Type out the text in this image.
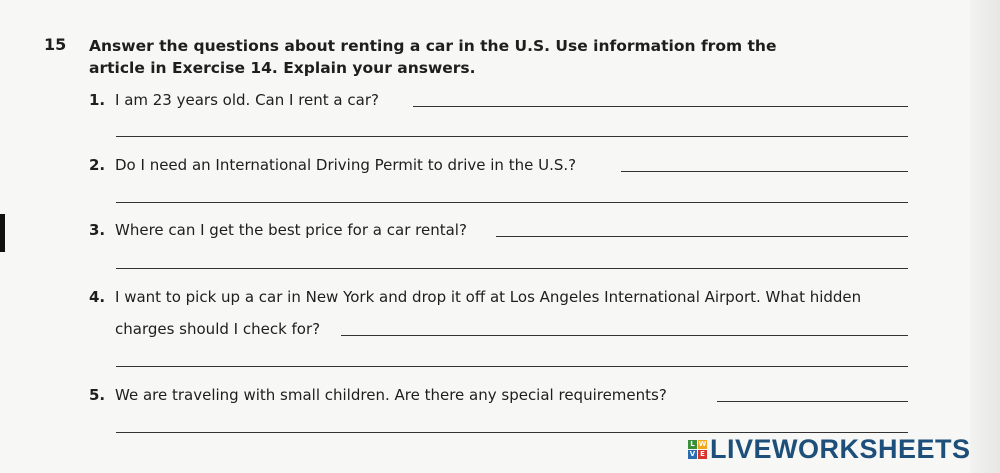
15 Answer the questions about renting a car in the U.S. Use information from the article in Exercise 14. Explain your answers.
1. I am 23 years old. Can I rent a car?
2. Do I need an International Driving Permit to drive in the U.S.?
3. Where can I get the best price for a car rental?
4. I want to pick up a car in New York and drop it off at Los Angeles International Airport. What hidden
charges should I check for?
5. We are traveling with small children. Are there any special requirements?
L W
V E LIVEWORKSHEETS
